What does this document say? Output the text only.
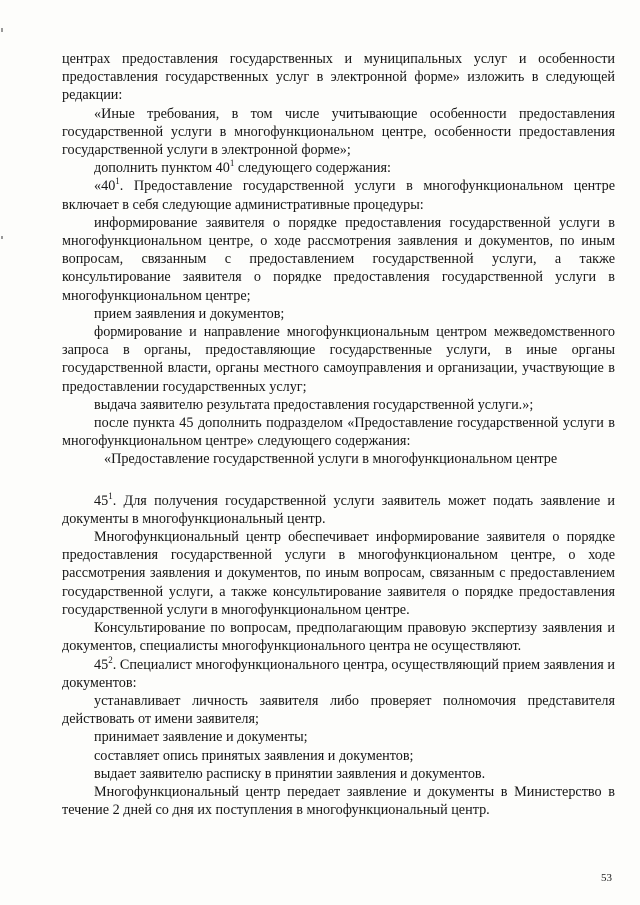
центрах предоставления государственных и муниципальных услуг и особенности предоставления государственных услуг в электронной форме» изложить в следующей редакции:

«Иные требования, в том числе учитывающие особенности предоставления государственной услуги в многофункциональном центре, особенности предоставления государственной услуги в электронной форме»;

дополнить пунктом $40^1$ следующего содержания:

«$40^1$. Предоставление государственной услуги в многофункциональном центре включает в себя следующие административные процедуры:

информирование заявителя о порядке предоставления государственной услуги в многофункциональном центре, о ходе рассмотрения заявления и документов, по иным вопросам, связанным с предоставлением государственной услуги, а также консультирование заявителя о порядке предоставления государственной услуги в многофункциональном центре;

прием заявления и документов;

формирование и направление многофункциональным центром межведомственного запроса в органы, предоставляющие государственные услуги, в иные органы государственной власти, органы местного самоуправления и организации, участвующие в предоставлении государственных услуг;

выдача заявителю результата предоставления государственной услуги.»;

после пункта 45 дополнить подразделом «Предоставление государственной услуги в многофункциональном центре» следующего содержания:

«Предоставление государственной услуги в многофункциональном центре

$45^1$. Для получения государственной услуги заявитель может подать заявление и документы в многофункциональный центр.

Многофункциональный центр обеспечивает информирование заявителя о порядке предоставления государственной услуги в многофункциональном центре, о ходе рассмотрения заявления и документов, по иным вопросам, связанным с предоставлением государственной услуги, а также консультирование заявителя о порядке предоставления государственной услуги в многофункциональном центре.

Консультирование по вопросам, предполагающим правовую экспертизу заявления и документов, специалисты многофункционального центра не осуществляют.

$45^2$. Специалист многофункционального центра, осуществляющий прием заявления и документов:

устанавливает личность заявителя либо проверяет полномочия представителя действовать от имени заявителя;

принимает заявление и документы;

составляет опись принятых заявления и документов;

выдает заявителю расписку в принятии заявления и документов.

Многофункциональный центр передает заявление и документы в Министерство в течение 2 дней со дня их поступления в многофункциональный центр.

53
